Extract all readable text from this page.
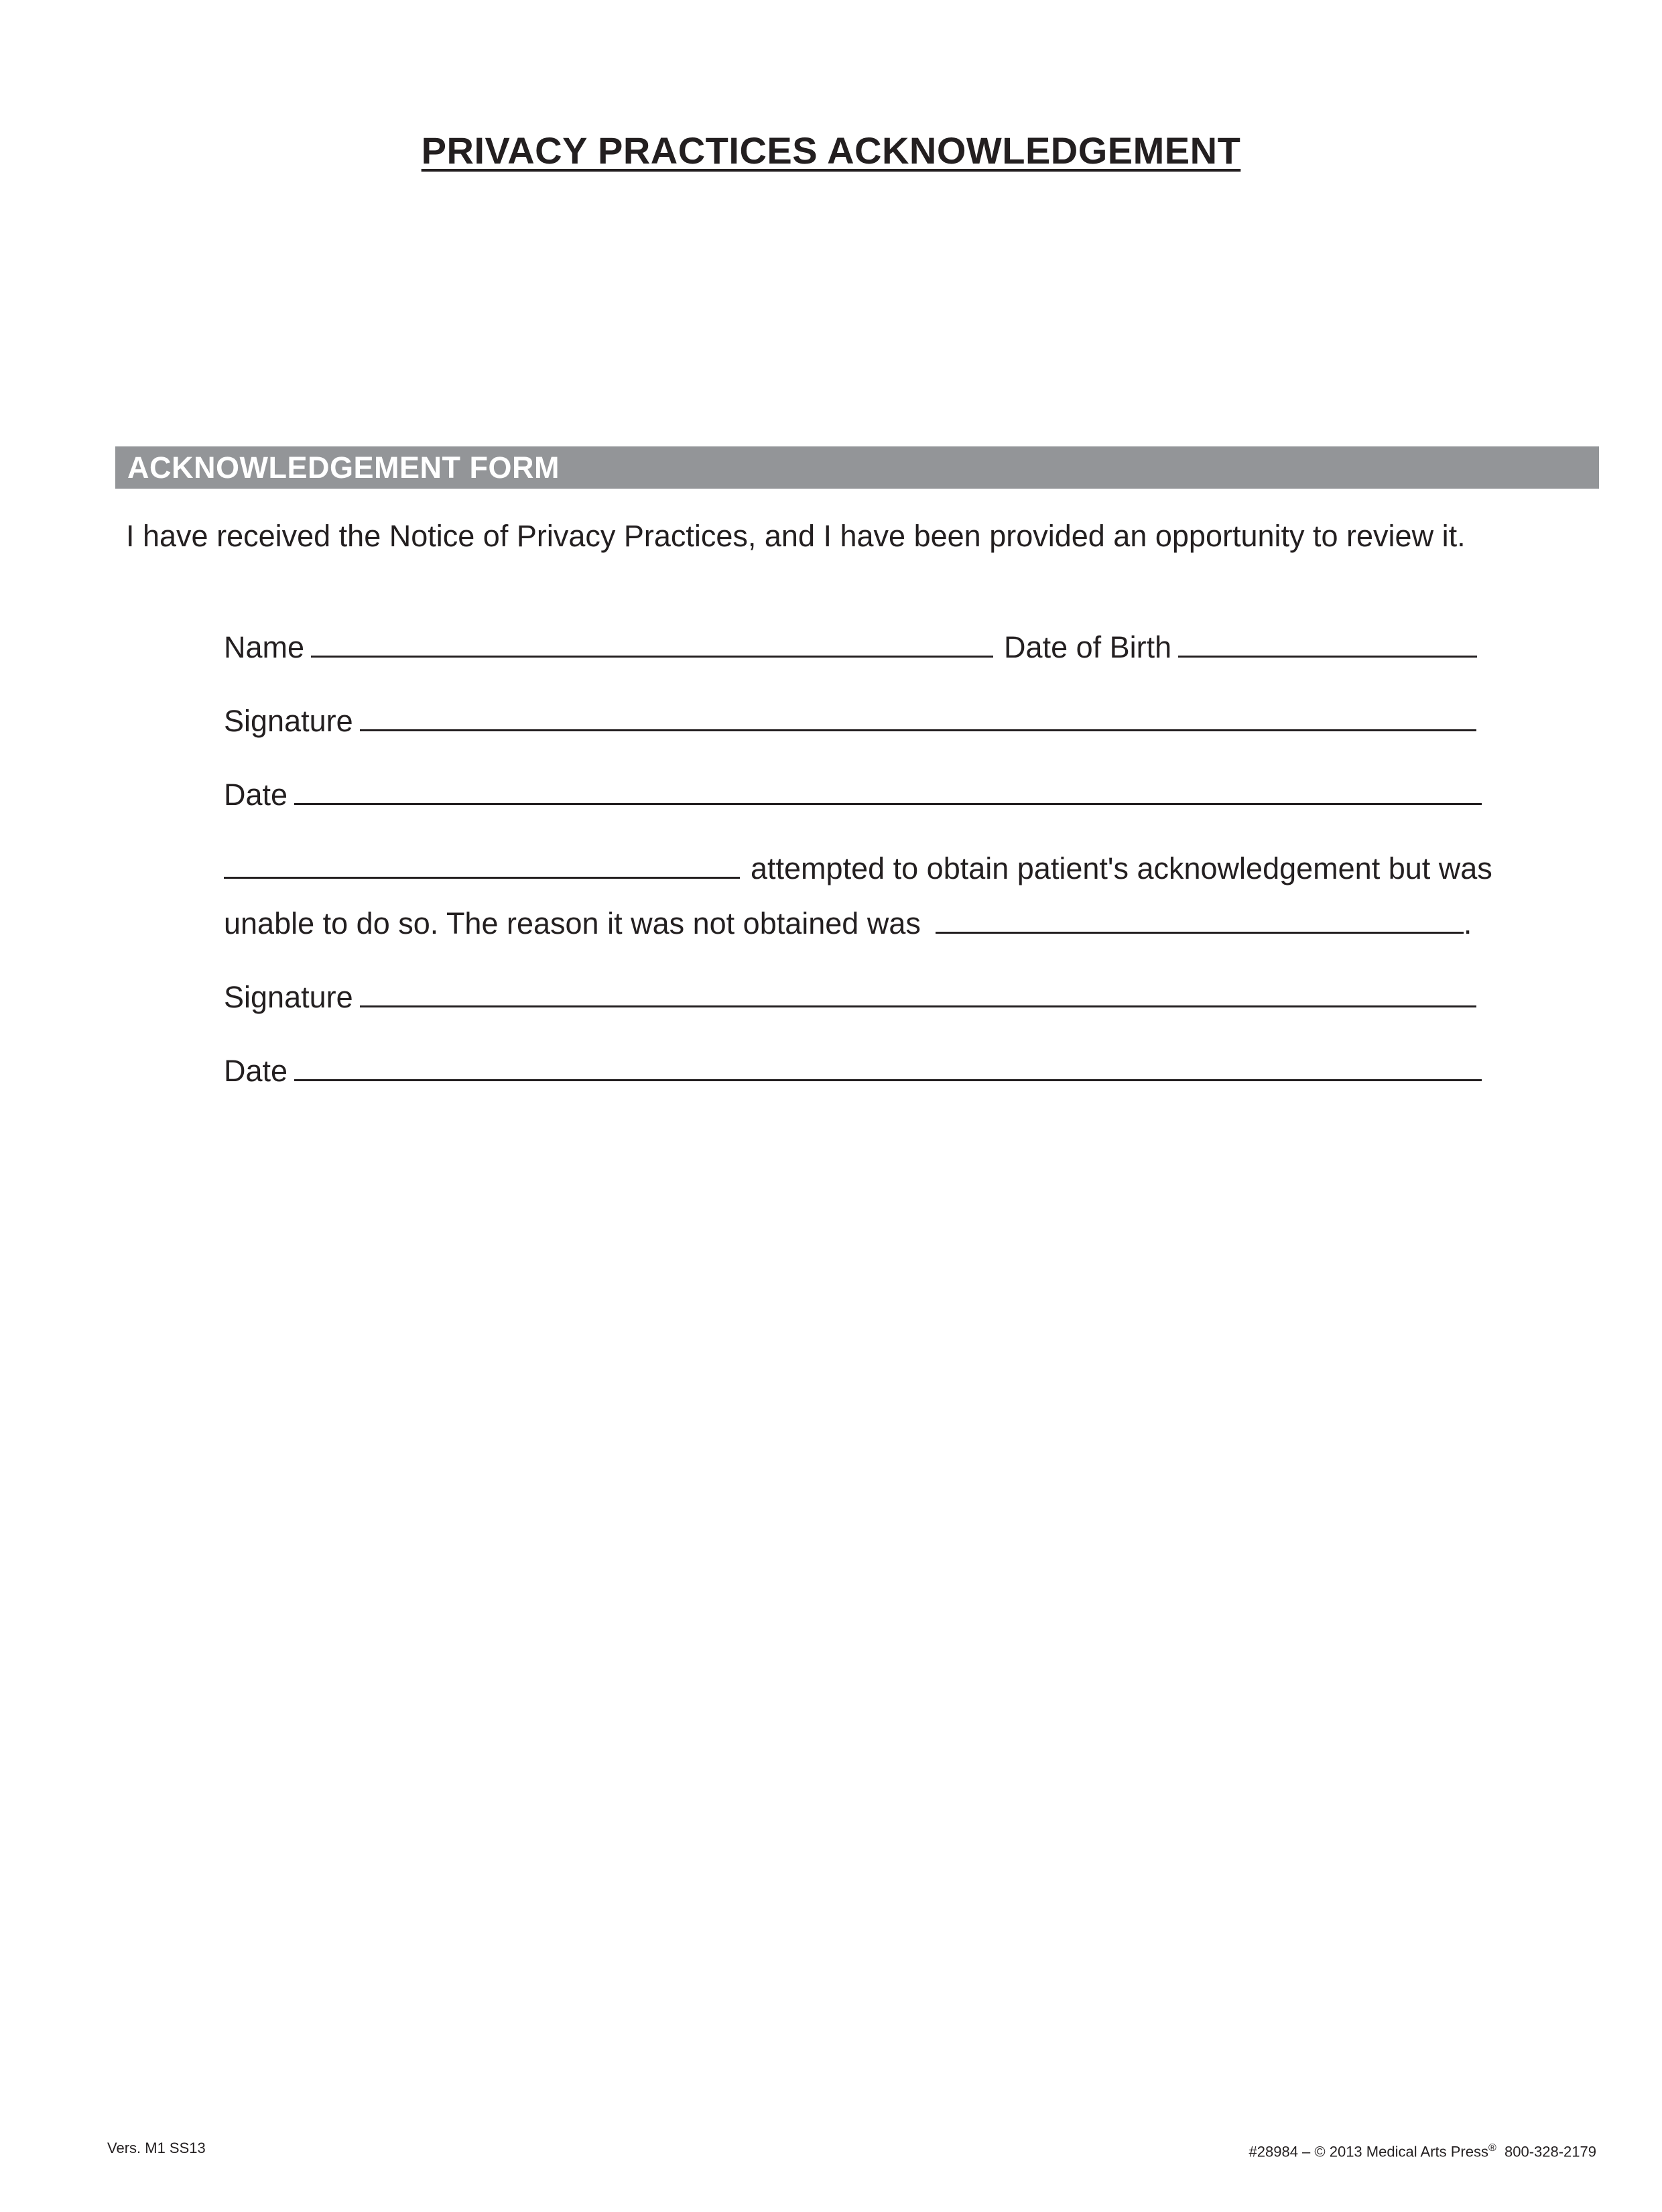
PRIVACY PRACTICES ACKNOWLEDGEMENT
ACKNOWLEDGEMENT FORM
I have received the Notice of Privacy Practices, and I have been provided an opportunity to review it.
Name	Date of Birth
Signature
Date
attempted to obtain patient's acknowledgement but was
unable to do so. The reason it was not obtained was	.
Signature
Date
Vers. M1 SS13	#28984 – © 2013 Medical Arts Press® 800-328-2179
